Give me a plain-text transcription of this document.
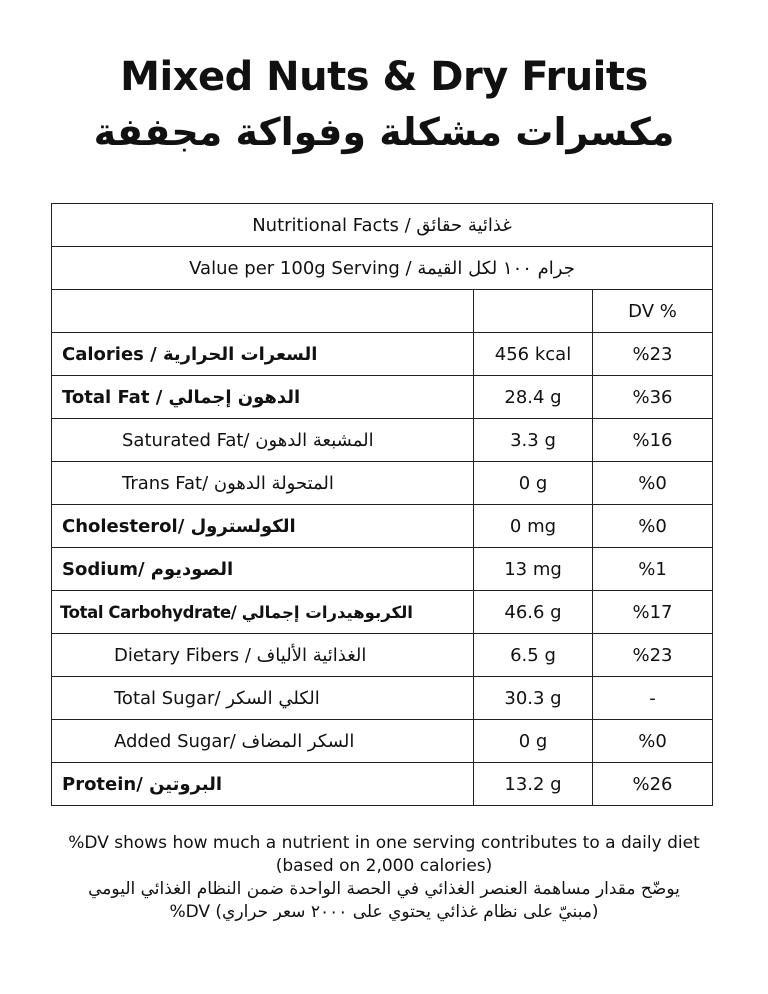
Mixed Nuts & Dry Fruits
مكسرات مشكلة وفواكة مجففة
Nutritional Facts / غذائية حقائق		
Value per 100g Serving / جرام ١٠٠ لكل القيمة		
		DV %
Calories / السعرات الحرارية	456 kcal	%23
Total Fat / الدهون إجمالي	28.4 g	%36
Saturated Fat/ المشبعة الدهون	3.3 g	%16
Trans Fat/ المتحولة الدهون	0 g	%0
Cholesterol/ الكولسترول	0 mg	%0
Sodium/ الصوديوم	13 mg	%1
Total Carbohydrate/ الكربوهيدرات إجمالي	46.6 g	%17
Dietary Fibers / الغذائية الألياف	6.5 g	%23
Total Sugar/ الكلي السكر	30.3 g	-
Added Sugar/ السكر المضاف	0 g	%0
Protein/ البروتين	13.2 g	%26
%DV shows how much a nutrient in one serving contributes to a daily diet
(based on 2,000 calories)
يوضّح مقدار مساهمة العنصر الغذائي في الحصة الواحدة ضمن النظام الغذائي اليومي
(مبنيّ على نظام غذائي يحتوي على ٢٠٠٠ سعر حراري) DV%
